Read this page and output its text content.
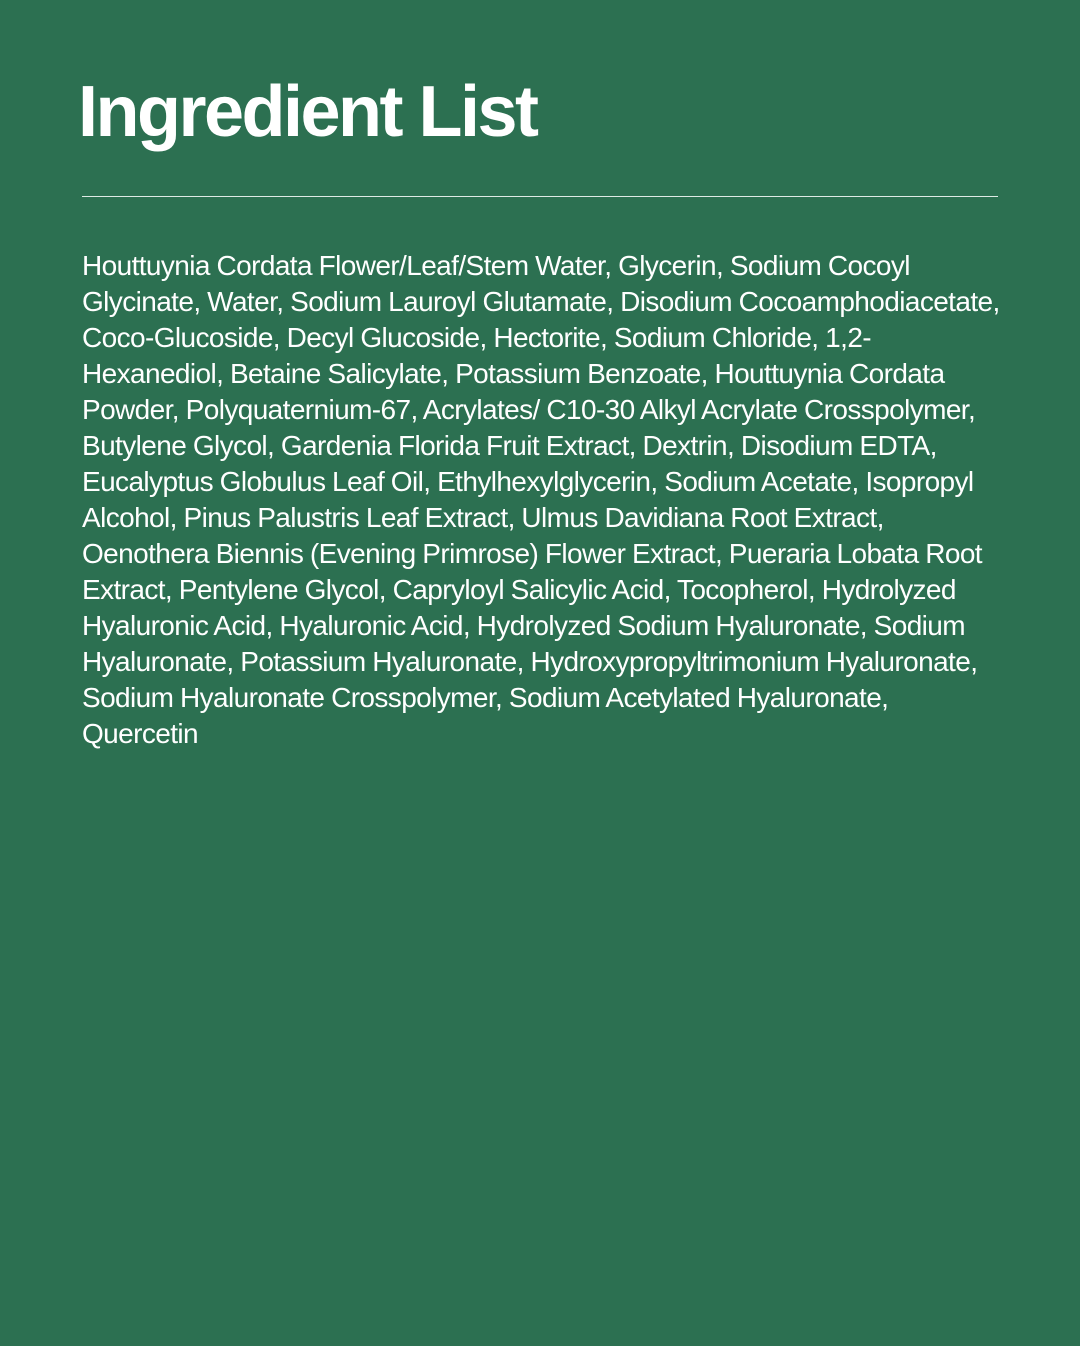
Ingredient List

Houttuynia Cordata Flower/Leaf/Stem Water, Glycerin, Sodium Cocoyl Glycinate, Water, Sodium Lauroyl Glutamate, Disodium Cocoamphodiacetate, Coco-Glucoside, Decyl Glucoside, Hectorite, Sodium Chloride, 1,2-Hexanediol, Betaine Salicylate, Potassium Benzoate, Houttuynia Cordata Powder, Polyquaternium-67, Acrylates/ C10-30 Alkyl Acrylate Crosspolymer, Butylene Glycol, Gardenia Florida Fruit Extract, Dextrin, Disodium EDTA, Eucalyptus Globulus Leaf Oil, Ethylhexylglycerin, Sodium Acetate, Isopropyl Alcohol, Pinus Palustris Leaf Extract, Ulmus Davidiana Root Extract, Oenothera Biennis (Evening Primrose) Flower Extract, Pueraria Lobata Root Extract, Pentylene Glycol, Capryloyl Salicylic Acid, Tocopherol, Hydrolyzed Hyaluronic Acid, Hyaluronic Acid, Hydrolyzed Sodium Hyaluronate, Sodium Hyaluronate, Potassium Hyaluronate, Hydroxypropyltrimonium Hyaluronate, Sodium Hyaluronate Crosspolymer, Sodium Acetylated Hyaluronate, Quercetin
